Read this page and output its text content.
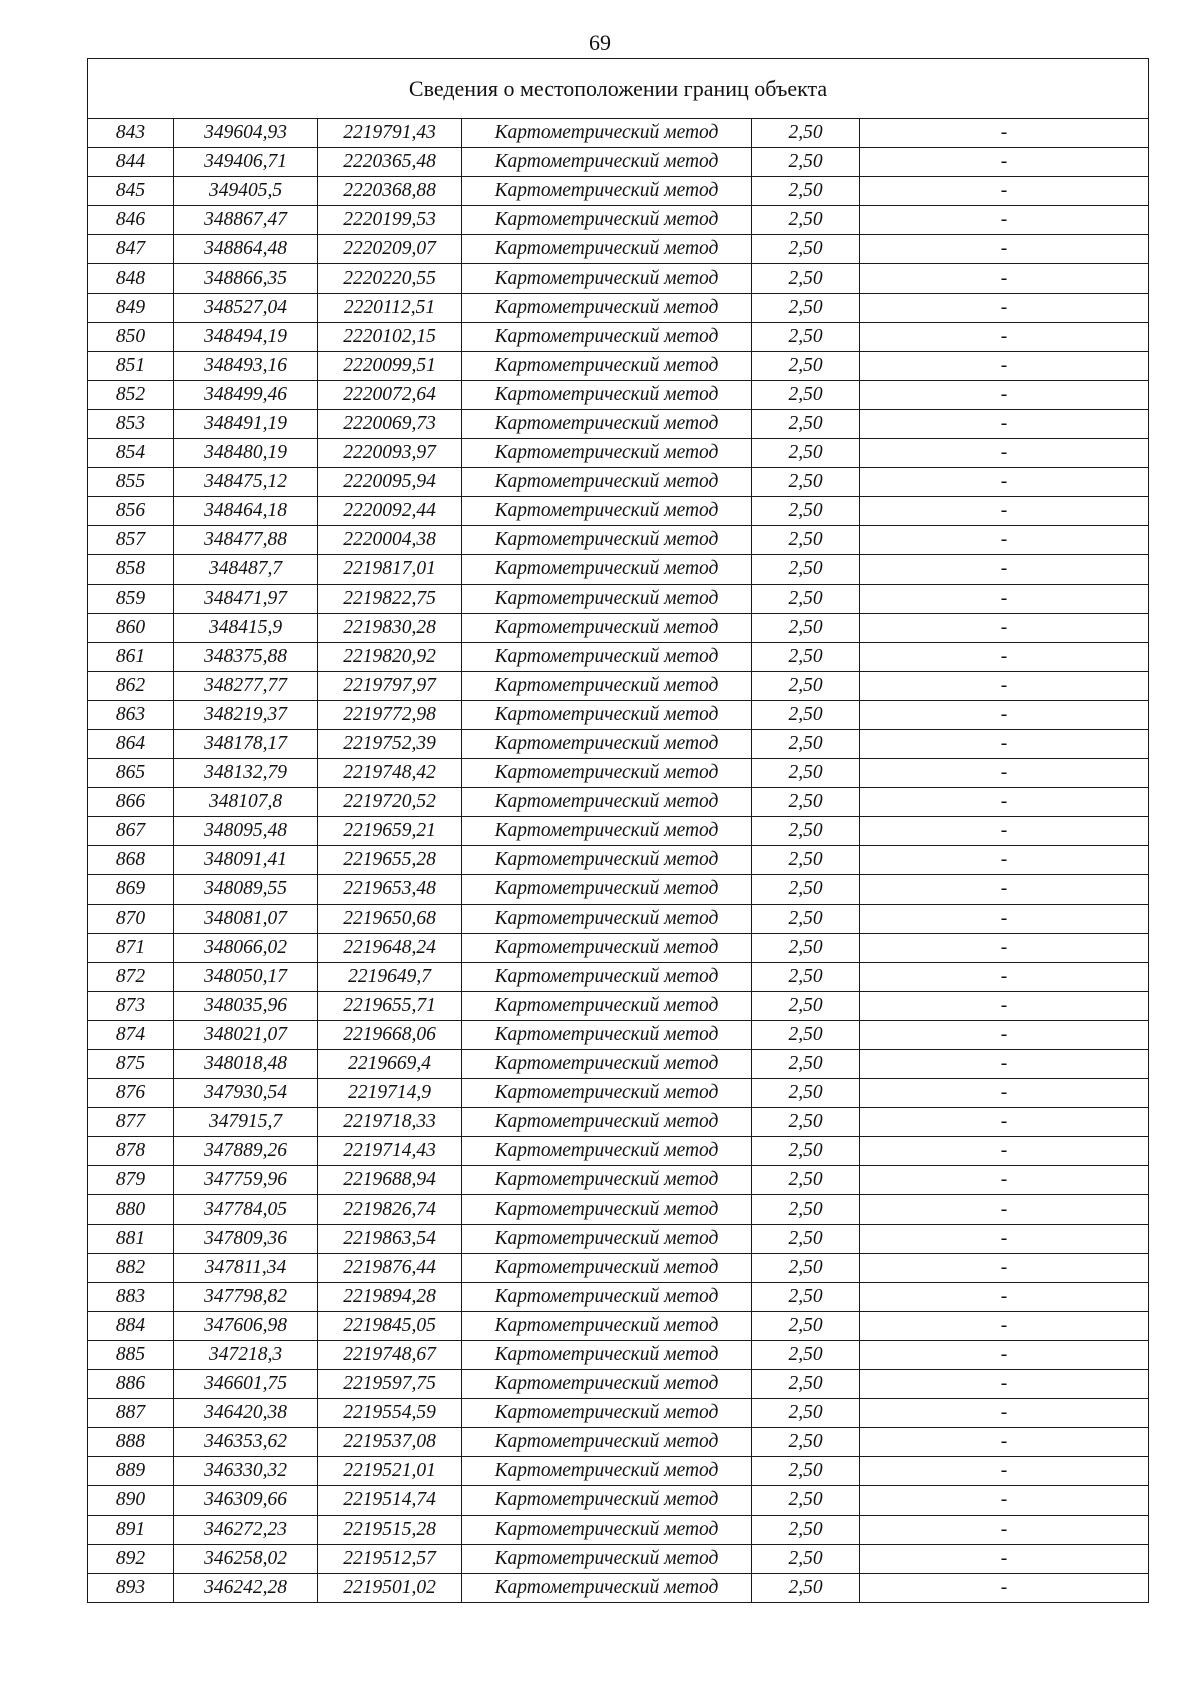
69
Сведения о местоположении границ объекта					
843	349604,93	2219791,43	Картометрический метод	2,50	-
844	349406,71	2220365,48	Картометрический метод	2,50	-
845	349405,5	2220368,88	Картометрический метод	2,50	-
846	348867,47	2220199,53	Картометрический метод	2,50	-
847	348864,48	2220209,07	Картометрический метод	2,50	-
848	348866,35	2220220,55	Картометрический метод	2,50	-
849	348527,04	2220112,51	Картометрический метод	2,50	-
850	348494,19	2220102,15	Картометрический метод	2,50	-
851	348493,16	2220099,51	Картометрический метод	2,50	-
852	348499,46	2220072,64	Картометрический метод	2,50	-
853	348491,19	2220069,73	Картометрический метод	2,50	-
854	348480,19	2220093,97	Картометрический метод	2,50	-
855	348475,12	2220095,94	Картометрический метод	2,50	-
856	348464,18	2220092,44	Картометрический метод	2,50	-
857	348477,88	2220004,38	Картометрический метод	2,50	-
858	348487,7	2219817,01	Картометрический метод	2,50	-
859	348471,97	2219822,75	Картометрический метод	2,50	-
860	348415,9	2219830,28	Картометрический метод	2,50	-
861	348375,88	2219820,92	Картометрический метод	2,50	-
862	348277,77	2219797,97	Картометрический метод	2,50	-
863	348219,37	2219772,98	Картометрический метод	2,50	-
864	348178,17	2219752,39	Картометрический метод	2,50	-
865	348132,79	2219748,42	Картометрический метод	2,50	-
866	348107,8	2219720,52	Картометрический метод	2,50	-
867	348095,48	2219659,21	Картометрический метод	2,50	-
868	348091,41	2219655,28	Картометрический метод	2,50	-
869	348089,55	2219653,48	Картометрический метод	2,50	-
870	348081,07	2219650,68	Картометрический метод	2,50	-
871	348066,02	2219648,24	Картометрический метод	2,50	-
872	348050,17	2219649,7	Картометрический метод	2,50	-
873	348035,96	2219655,71	Картометрический метод	2,50	-
874	348021,07	2219668,06	Картометрический метод	2,50	-
875	348018,48	2219669,4	Картометрический метод	2,50	-
876	347930,54	2219714,9	Картометрический метод	2,50	-
877	347915,7	2219718,33	Картометрический метод	2,50	-
878	347889,26	2219714,43	Картометрический метод	2,50	-
879	347759,96	2219688,94	Картометрический метод	2,50	-
880	347784,05	2219826,74	Картометрический метод	2,50	-
881	347809,36	2219863,54	Картометрический метод	2,50	-
882	347811,34	2219876,44	Картометрический метод	2,50	-
883	347798,82	2219894,28	Картометрический метод	2,50	-
884	347606,98	2219845,05	Картометрический метод	2,50	-
885	347218,3	2219748,67	Картометрический метод	2,50	-
886	346601,75	2219597,75	Картометрический метод	2,50	-
887	346420,38	2219554,59	Картометрический метод	2,50	-
888	346353,62	2219537,08	Картометрический метод	2,50	-
889	346330,32	2219521,01	Картометрический метод	2,50	-
890	346309,66	2219514,74	Картометрический метод	2,50	-
891	346272,23	2219515,28	Картометрический метод	2,50	-
892	346258,02	2219512,57	Картометрический метод	2,50	-
893	346242,28	2219501,02	Картометрический метод	2,50	-
